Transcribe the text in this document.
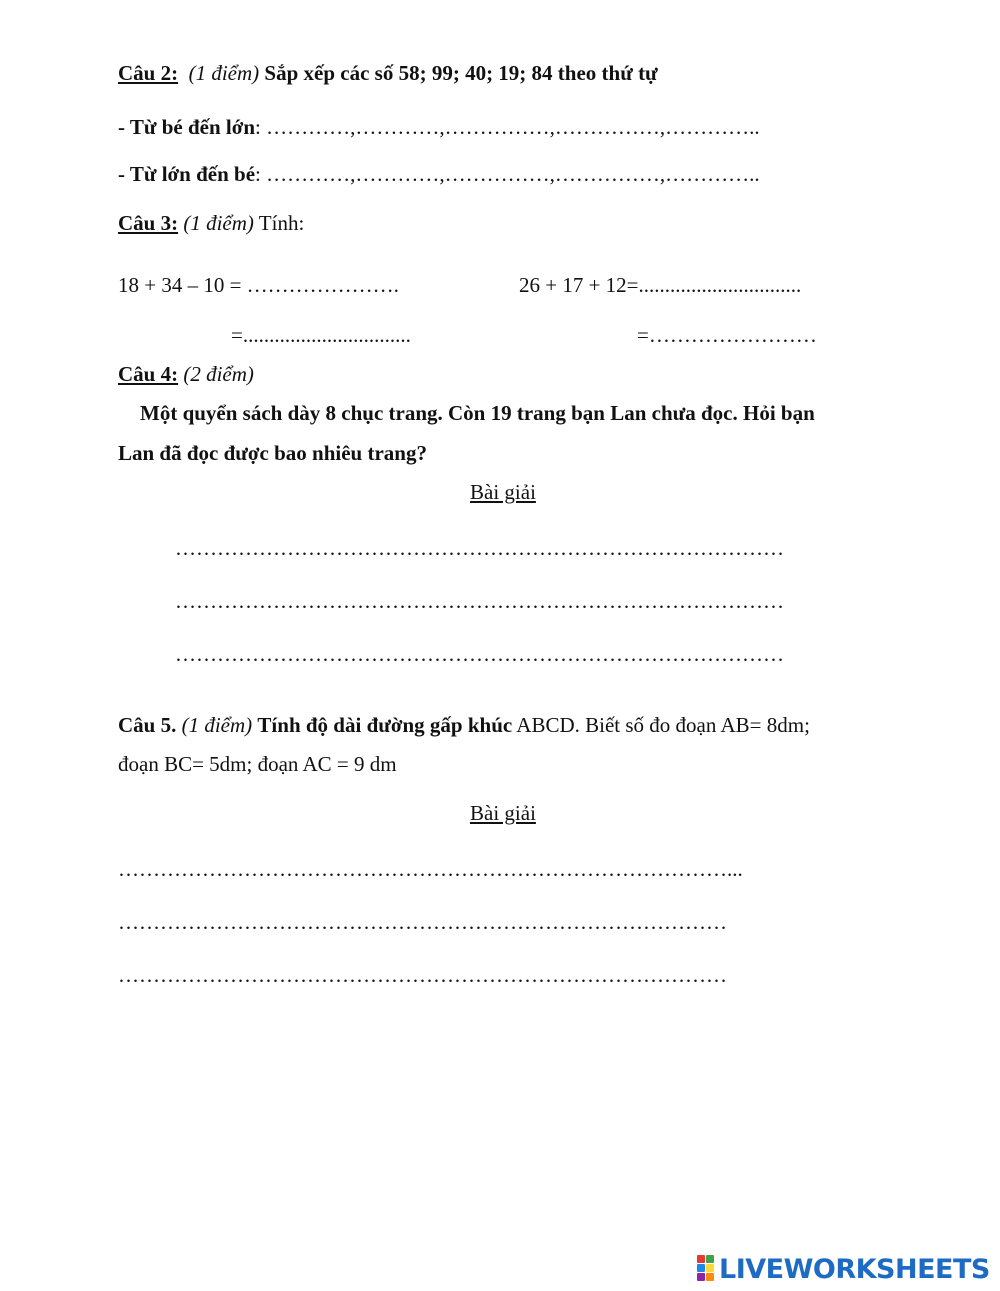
Câu 2: (1 điểm) Sắp xếp các số 58; 99; 40; 19; 84 theo thứ tự
- Từ bé đến lớn: …………,…………,……………,……………,…………..
- Từ lớn đến bé: …………,…………,……………,……………,…………..
Câu 3: (1 điểm) Tính:
18 + 34 – 10 = ………………….	26 + 17 + 12=...............................
=................................	=……………………
Câu 4: (2 điểm)
Một quyển sách dày 8 chục trang. Còn 19 trang bạn Lan chưa đọc. Hỏi bạn
Lan đã đọc được bao nhiêu trang?
Bài giải
……………………………………………………………………………
……………………………………………………………………………
……………………………………………………………………………
Câu 5. (1 điểm) Tính độ dài đường gấp khúc ABCD. Biết số đo đoạn AB= 8dm;
đoạn BC= 5dm; đoạn AC = 9 dm
Bài giải
……………………………………………………………………………...
……………………………………………………………………………
……………………………………………………………………………
LIVEWORKSHEETS
